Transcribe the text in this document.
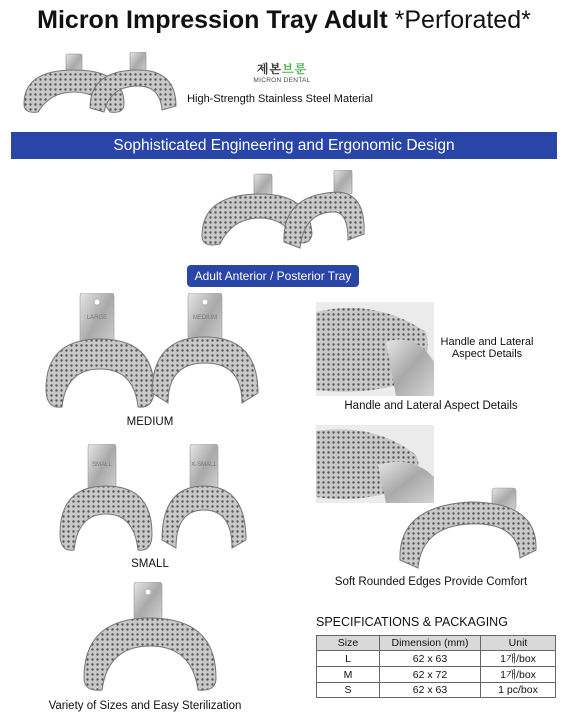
Micron Impression Tray Adult *Perforated*
제본브룬
MICRON DENTAL
High-Strength Stainless Steel Material
Sophisticated Engineering and Ergonomic Design
Adult Anterior / Posterior Tray
LARGE	MEDIUM
MEDIUM
SMALL	X-SMALL
SMALL
Variety of Sizes and Easy Sterilization
Handle and Lateral Aspect Details
Handle and Lateral Aspect Details
Soft Rounded Edges Provide Comfort
SPECIFICATIONS & PACKAGING
Size	Dimension (mm)	Unit
L	62 x 63	1개/box
M	62 x 72	1개/box
S	62 x 63	1 pc/box
